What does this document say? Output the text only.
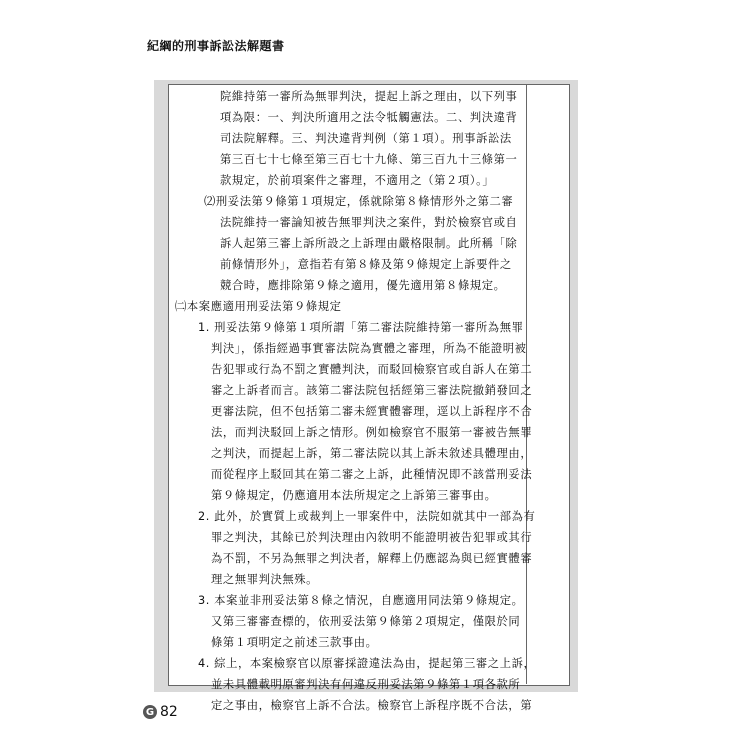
紀綱的刑事訴訟法解題書
院維持第一審所為無罪判決，提起上訴之理由，以下列事
項為限：一、判決所適用之法令牴觸憲法。二、判決違背
司法院解釋。三、判決違背判例（第１項）。刑事訴訟法
第三百七十七條至第三百七十九條、第三百九十三條第一
款規定，於前項案件之審理，不適用之（第２項）。」
⑵刑妥法第９條第１項規定，係就除第８條情形外之第二審
法院維持一審論知被告無罪判決之案件，對於檢察官或自
訴人起第三審上訴所設之上訴理由嚴格限制。此所稱「除
前條情形外」，意指若有第８條及第９條規定上訴要件之
競合時，應排除第９條之適用，優先適用第８條規定。
㈡本案應適用刑妥法第９條規定
1. 刑妥法第９條第１項所謂「第二審法院維持第一審所為無罪
判決」，係指經過事實審法院為實體之審理，所為不能證明被
告犯罪或行為不罰之實體判決，而駁回檢察官或自訴人在第二
審之上訴者而言。該第二審法院包括經第三審法院撤銷發回之
更審法院，但不包括第二審未經實體審理，逕以上訴程序不合
法，而判決駁回上訴之情形。例如檢察官不服第一審被告無罪
之判決，而提起上訴，第二審法院以其上訴未敘述具體理由，
而從程序上駁回其在第二審之上訴，此種情況即不該當刑妥法
第９條規定，仍應適用本法所規定之上訴第三審事由。
2. 此外，於實質上或裁判上一罪案件中，法院如就其中一部為有
罪之判決，其餘已於判決理由內敘明不能證明被告犯罪或其行
為不罰，不另為無罪之判決者，解釋上仍應認為與已經實體審
理之無罪判決無殊。
3. 本案並非刑妥法第８條之情況，自應適用同法第９條規定。
又第三審審查標的，依刑妥法第９條第２項規定，僅限於同
條第１項明定之前述三款事由。
4. 綜上，本案檢察官以原審採證違法為由，提起第三審之上訴，
並未具體載明原審判決有何違反刑妥法第９條第１項各款所
定之事由，檢察官上訴不合法。檢察官上訴程序既不合法，第
G 82
